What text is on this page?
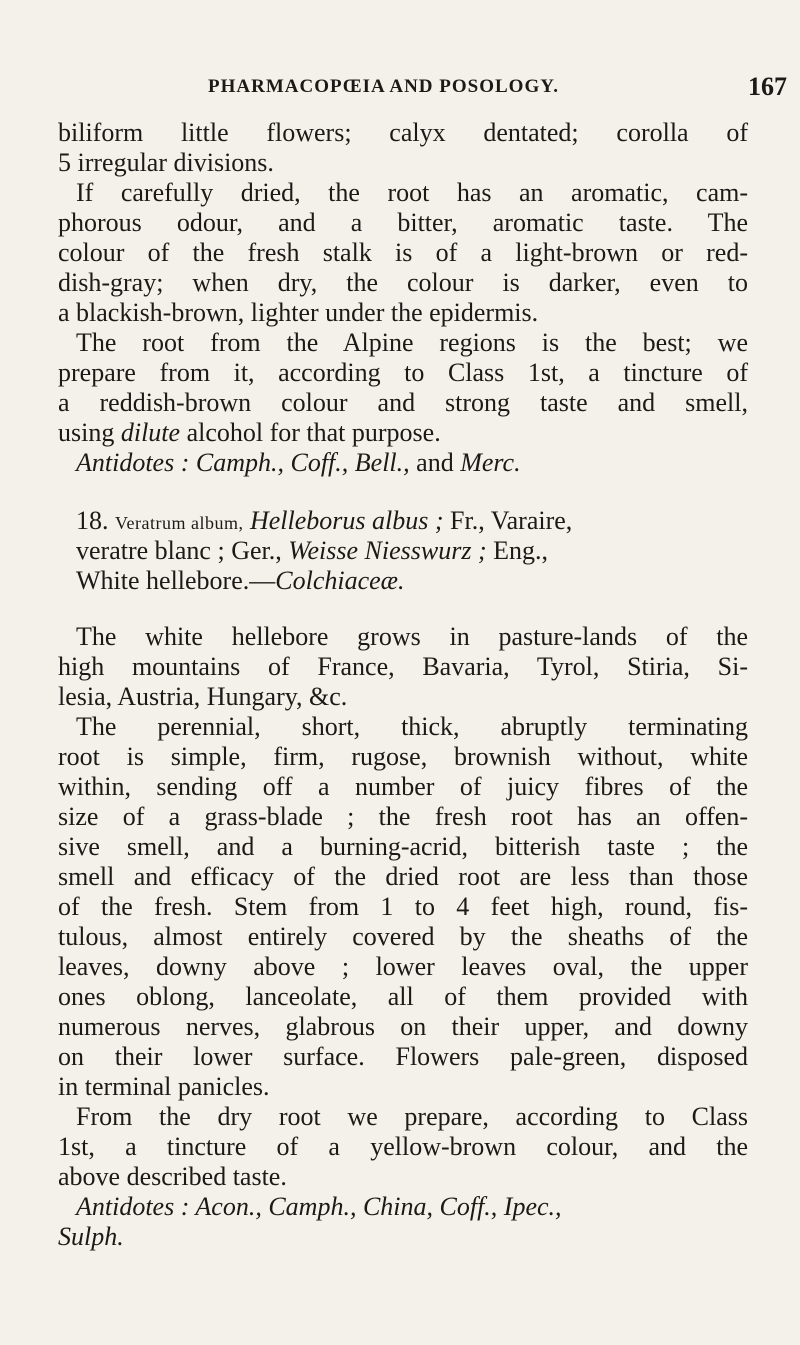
PHARMACOPŒIA AND POSOLOGY.	167
biliform little flowers; calyx dentated; corolla of
5 irregular divisions.
If carefully dried, the root has an aromatic, cam-
phorous odour, and a bitter, aromatic taste. The
colour of the fresh stalk is of a light-brown or red-
dish-gray; when dry, the colour is darker, even to
a blackish-brown, lighter under the epidermis.
The root from the Alpine regions is the best; we
prepare from it, according to Class 1st, a tincture of
a reddish-brown colour and strong taste and smell,
using dilute alcohol for that purpose.
Antidotes : Camph., Coff., Bell., and Merc.
18. Veratrum album, Helleborus albus ; Fr., Varaire,
veratre blanc ; Ger., Weisse Niesswurz ; Eng.,
White hellebore.—Colchiaceæ.
The white hellebore grows in pasture-lands of the
high mountains of France, Bavaria, Tyrol, Stiria, Si-
lesia, Austria, Hungary, &c.
The perennial, short, thick, abruptly terminating
root is simple, firm, rugose, brownish without, white
within, sending off a number of juicy fibres of the
size of a grass-blade ; the fresh root has an offen-
sive smell, and a burning-acrid, bitterish taste ; the
smell and efficacy of the dried root are less than those
of the fresh. Stem from 1 to 4 feet high, round, fis-
tulous, almost entirely covered by the sheaths of the
leaves, downy above ; lower leaves oval, the upper
ones oblong, lanceolate, all of them provided with
numerous nerves, glabrous on their upper, and downy
on their lower surface. Flowers pale-green, disposed
in terminal panicles.
From the dry root we prepare, according to Class
1st, a tincture of a yellow-brown colour, and the
above described taste.
Antidotes : Acon., Camph., China, Coff., Ipec.,
Sulph.
